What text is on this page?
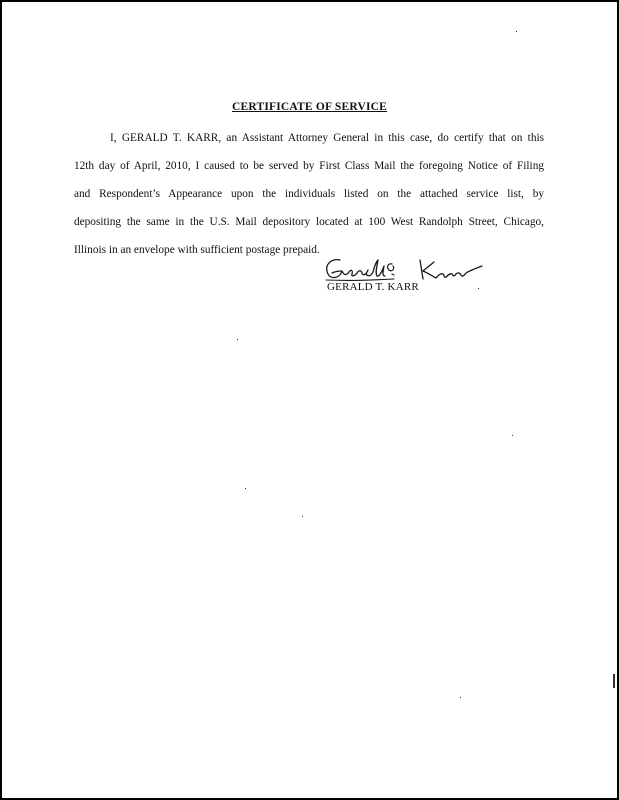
CERTIFICATE OF SERVICE
I, GERALD T. KARR, an Assistant Attorney General in this case, do certify that on this
12th day of April, 2010, I caused to be served by First Class Mail the foregoing Notice of Filing
and Respondent’s Appearance upon the individuals listed on the attached service list, by
depositing the same in the U.S. Mail depository located at 100 West Randolph Street, Chicago,
Illinois in an envelope with sufficient postage prepaid.
GERALD T. KARR
